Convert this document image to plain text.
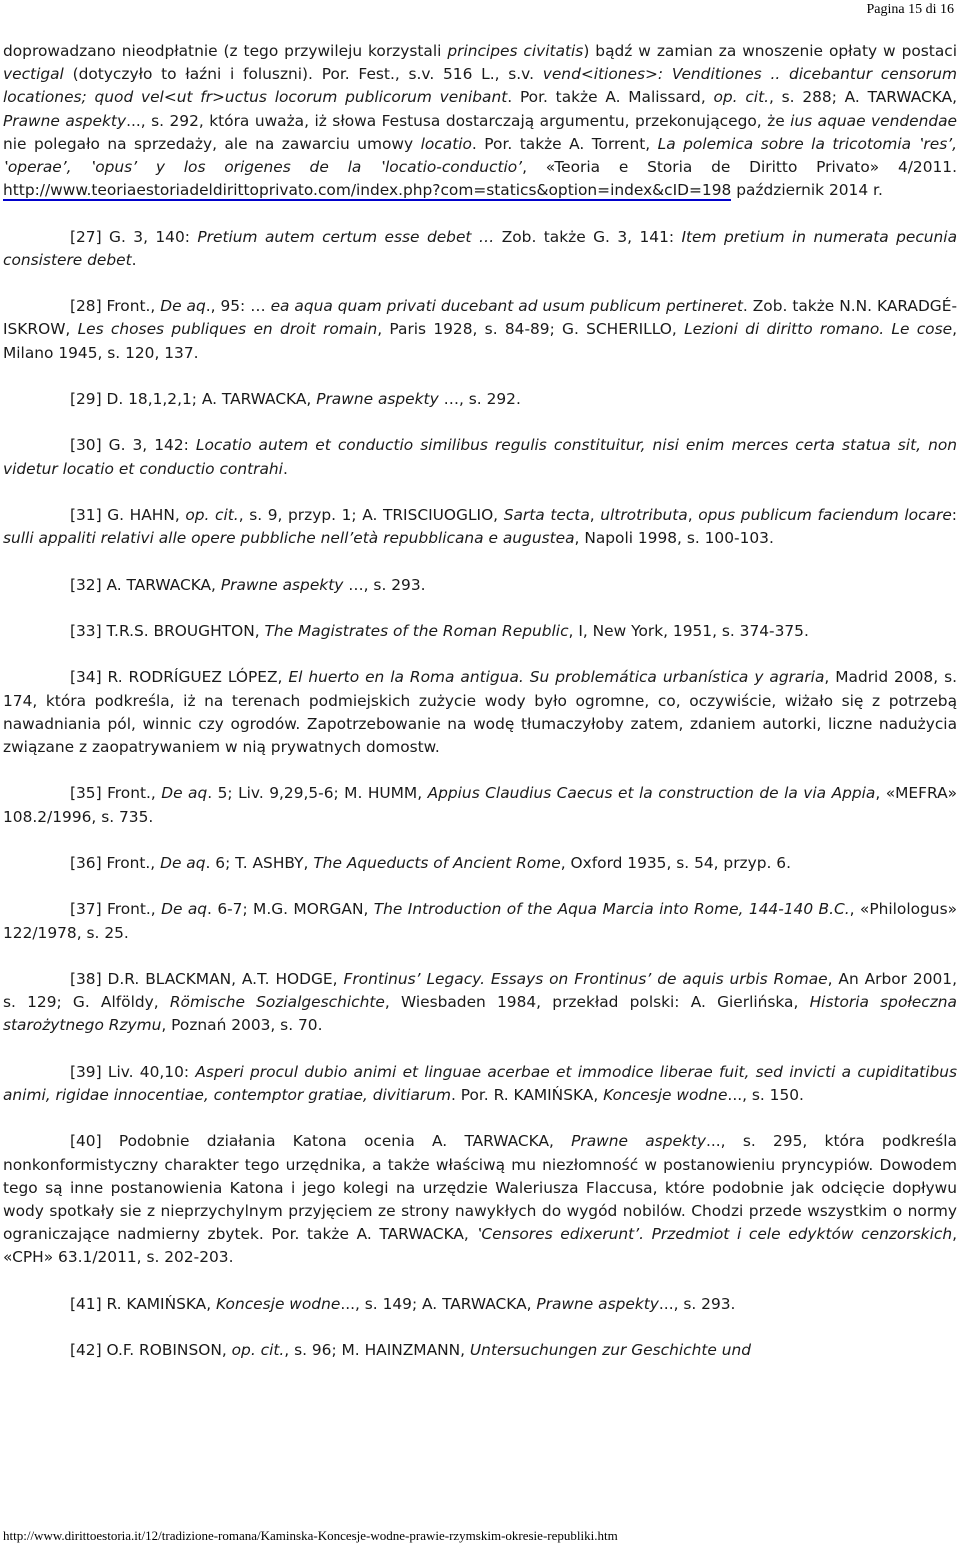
Pagina 15 di 16

doprowadzano nieodpłatnie (z tego przywileju korzystali principes civitatis) bądź w zamian za wnoszenie opłaty w postaci vectigal (dotyczyło to łaźni i foluszni). Por. Fest., s.v. 516 L., s.v. vend<itiones>: Venditiones .. dicebantur censorum locationes; quod vel<ut fr>uctus locorum publicorum venibant. Por. także A. Malissard, op. cit., s. 288; A. TARWACKA, Prawne aspekty..., s. 292, która uważa, iż słowa Festusa dostarczają argumentu, przekonującego, że ius aquae vendendae nie polegało na sprzedaży, ale na zawarciu umowy locatio. Por. także A. Torrent, La polemica sobre la tricotomia ‛res’, ‛operae’, ‛opus’ y los origenes de la ‛locatio-conductio’, «Teoria e Storia de Diritto Privato» 4/2011. http://www.teoriaestoriadeldirittoprivato.com/index.php?com=statics&option=index&cID=198 październik 2014 r.

[27] G. 3, 140: Pretium autem certum esse debet … Zob. także G. 3, 141: Item pretium in numerata pecunia consistere debet.

[28] Front., De aq., 95: … ea aqua quam privati ducebant ad usum publicum pertineret. Zob. także N.N. KARADGÉ-ISKROW, Les choses publiques en droit romain, Paris 1928, s. 84-89; G. SCHERILLO, Lezioni di diritto romano. Le cose, Milano 1945, s. 120, 137.

[29] D. 18,1,2,1; A. TARWACKA, Prawne aspekty …, s. 292.

[30] G. 3, 142: Locatio autem et conductio similibus regulis constituitur, nisi enim merces certa statua sit, non videtur locatio et conductio contrahi.

[31] G. HAHN, op. cit., s. 9, przyp. 1; A. TRISCIUOGLIO, Sarta tecta, ultrotributa, opus publicum faciendum locare: sulli appaliti relativi alle opere pubbliche nell’età repubblicana e augustea, Napoli 1998, s. 100-103.

[32] A. TARWACKA, Prawne aspekty …, s. 293.

[33] T.R.S. BROUGHTON, The Magistrates of the Roman Republic, I, New York, 1951, s. 374-375.

[34] R. RODRÍGUEZ LÓPEZ, El huerto en la Roma antigua. Su problemática urbanística y agraria, Madrid 2008, s. 174, która podkreśla, iż na terenach podmiejskich zużycie wody było ogromne, co, oczywiście, wiżało się z potrzebą nawadniania pól, winnic czy ogrodów. Zapotrzebowanie na wodę tłumaczyłoby zatem, zdaniem autorki, liczne nadużycia związane z zaopatrywaniem w nią prywatnych domostw.

[35] Front., De aq. 5; Liv. 9,29,5-6; M. HUMM, Appius Claudius Caecus et la construction de la via Appia, «MEFRA» 108.2/1996, s. 735.

[36] Front., De aq. 6; T. ASHBY, The Aqueducts of Ancient Rome, Oxford 1935, s. 54, przyp. 6.

[37] Front., De aq. 6-7; M.G. MORGAN, The Introduction of the Aqua Marcia into Rome, 144-140 B.C., «Philologus» 122/1978, s. 25.

[38] D.R. BLACKMAN, A.T. HODGE, Frontinus’ Legacy. Essays on Frontinus’ de aquis urbis Romae, An Arbor 2001, s. 129; G. Alföldy, Römische Sozialgeschichte, Wiesbaden 1984, przekład polski: A. Gierlińska, Historia społeczna starożytnego Rzymu, Poznań 2003, s. 70.

[39] Liv. 40,10: Asperi procul dubio animi et linguae acerbae et immodice liberae fuit, sed invicti a cupiditatibus animi, rigidae innocentiae, contemptor gratiae, divitiarum. Por. R. KAMIŃSKA, Koncesje wodne..., s. 150.

[40] Podobnie działania Katona ocenia A. TARWACKA, Prawne aspekty..., s. 295, która podkreśla nonkonformistyczny charakter tego urzędnika, a także właściwą mu niezłomność w postanowieniu pryncypiów. Dowodem tego są inne postanowienia Katona i jego kolegi na urzędzie Waleriusza Flaccusa, które podobnie jak odcięcie dopływu wody spotkały sie z nieprzychylnym przyjęciem ze strony nawykłych do wygód nobilów. Chodzi przede wszystkim o normy ograniczające nadmierny zbytek. Por. także A. TARWACKA, ‛Censores edixerunt’. Przedmiot i cele edyktów cenzorskich, «CPH» 63.1/2011, s. 202-203.

[41] R. KAMIŃSKA, Koncesje wodne..., s. 149; A. TARWACKA, Prawne aspekty..., s. 293.

[42] O.F. ROBINSON, op. cit., s. 96; M. HAINZMANN, Untersuchungen zur Geschichte und

http://www.dirittoestoria.it/12/tradizione-romana/Kaminska-Koncesje-wodne-prawie-rzymskim-okresie-republiki.htm
